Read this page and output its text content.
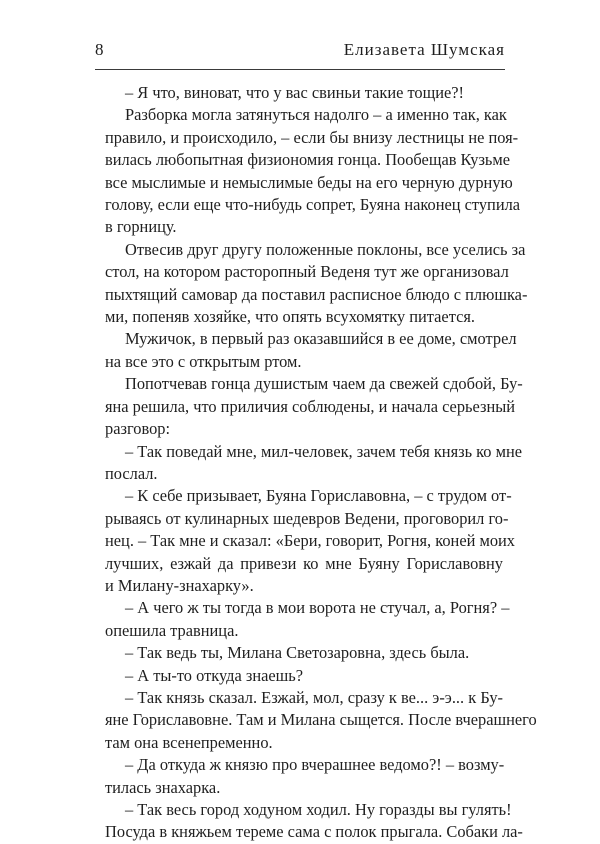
8	Елизавета Шумская
– Я что, виноват, что у вас свиньи такие тощие?!
Разборка могла затянуться надолго – а именно так, как
правило, и происходило, – если бы внизу лестницы не поя-
вилась любопытная физиономия гонца. Пообещав Кузьме
все мыслимые и немыслимые беды на его черную дурную
голову, если еще что-нибудь сопрет, Буяна наконец ступила
в горницу.
Отвесив друг другу положенные поклоны, все уселись за
стол, на котором расторопный Веденя тут же организовал
пыхтящий самовар да поставил расписное блюдо с плюшка-
ми, попеняв хозяйке, что опять всухомятку питается.
Мужичок, в первый раз оказавшийся в ее доме, смотрел
на все это с открытым ртом.
Попотчевав гонца душистым чаем да свежей сдобой, Бу-
яна решила, что приличия соблюдены, и начала серьезный
разговор:
– Так поведай мне, мил-человек, зачем тебя князь ко мне
послал.
– К себе призывает, Буяна Гориславовна, – с трудом от-
рываясь от кулинарных шедевров Ведени, проговорил го-
нец. – Так мне и сказал: «Бери, говорит, Рогня, коней моих
лучших, езжай да привези ко мне Буяну Гориславовну
и Милану-знахарку».
– А чего ж ты тогда в мои ворота не стучал, а, Рогня? –
опешила травница.
– Так ведь ты, Милана Светозаровна, здесь была.
– А ты-то откуда знаешь?
– Так князь сказал. Езжай, мол, сразу к ве... э-э... к Бу-
яне Гориславовне. Там и Милана сыщется. После вчерашнего
там она всенепременно.
– Да откуда ж князю про вчерашнее ведомо?! – возму-
тилась знахарка.
– Так весь город ходуном ходил. Ну горазды вы гулять!
Посуда в княжьем тереме сама с полок прыгала. Собаки ла-
